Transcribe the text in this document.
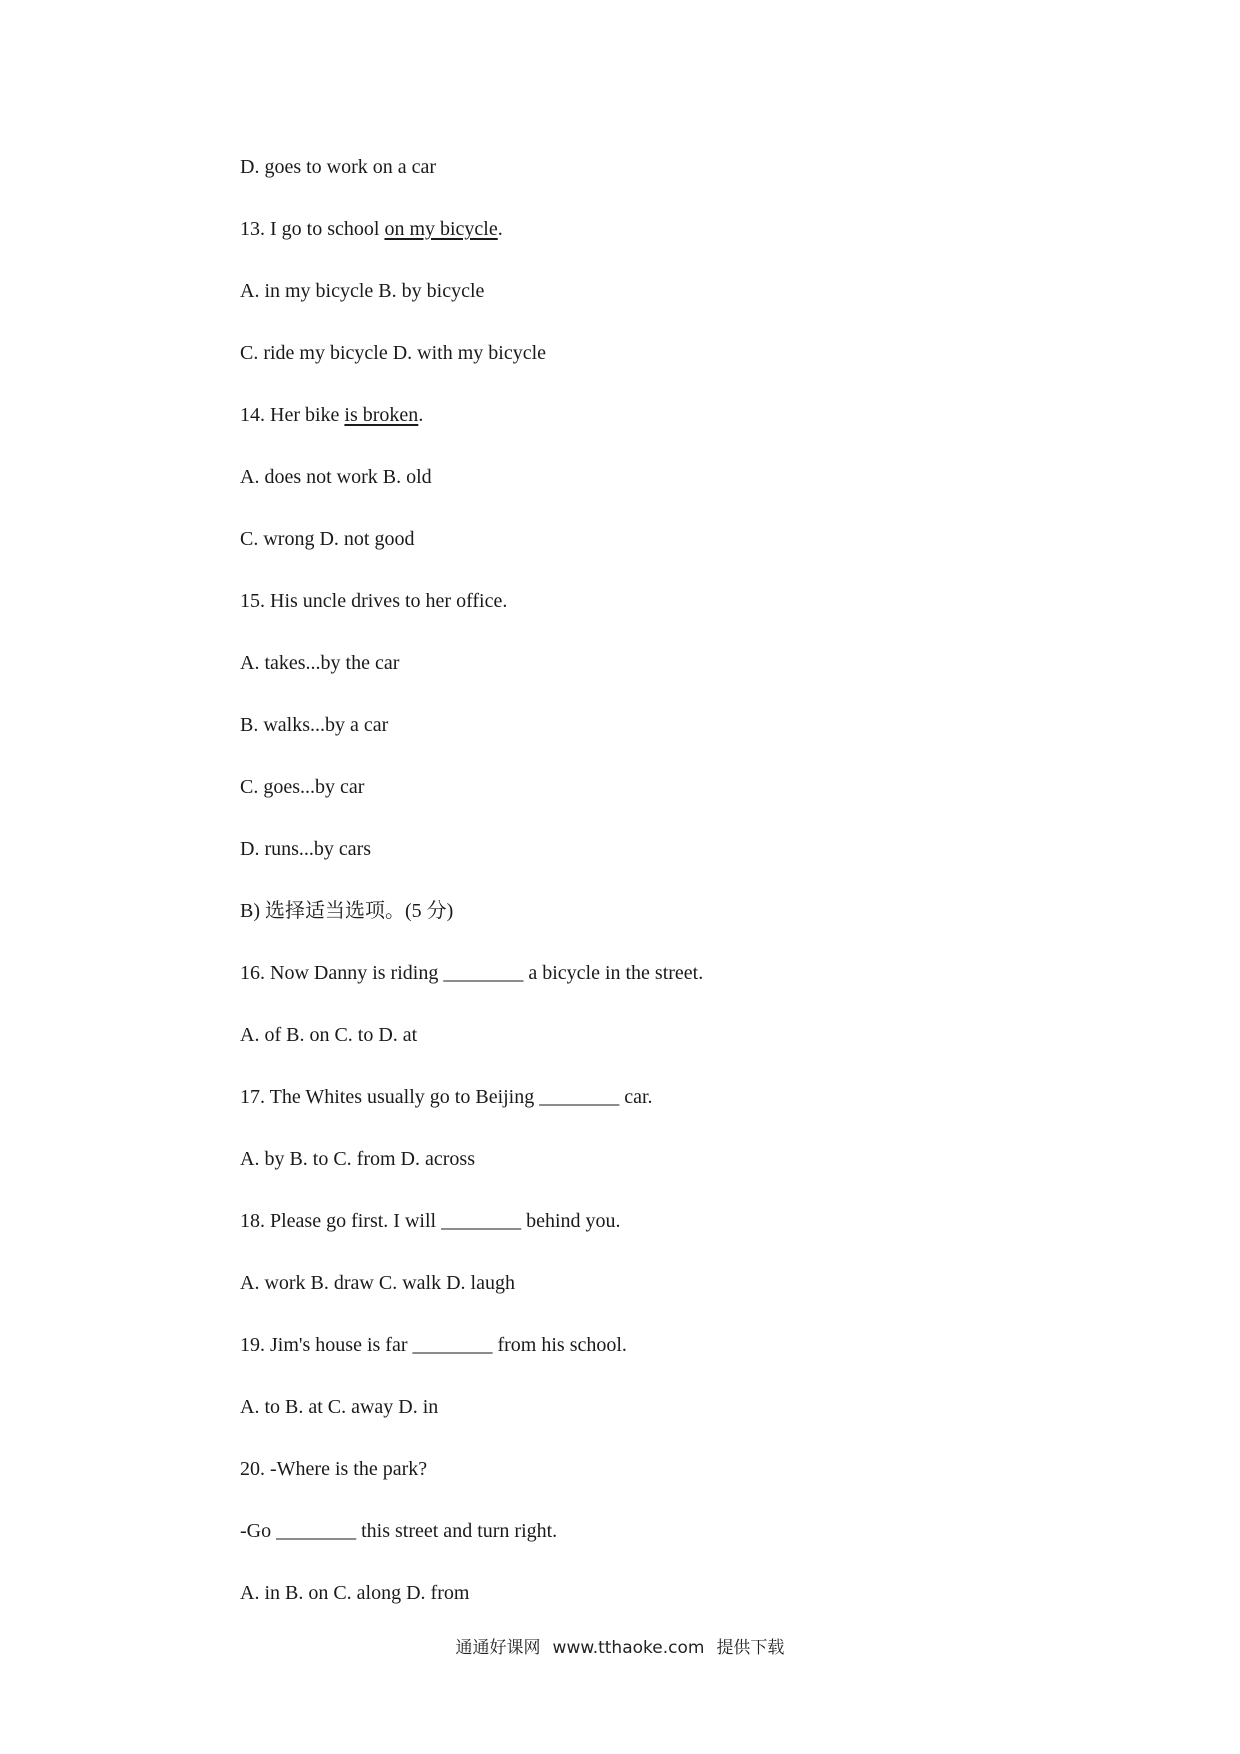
D. goes to work on a car
13. I go to school on my bicycle.
A. in my bicycle B. by bicycle
C. ride my bicycle D. with my bicycle
14. Her bike is broken.
A. does not work B. old
C. wrong D. not good
15. His uncle drives to her office.
A. takes...by the car
B. walks...by a car
C. goes...by car
D. runs...by cars
B) 选择适当选项。(5 分)
16. Now Danny is riding ________ a bicycle in the street.
A. of B. on C. to D. at
17. The Whites usually go to Beijing ________ car.
A. by B. to C. from D. across
18. Please go first. I will ________ behind you.
A. work B. draw C. walk D. laugh
19. Jim's house is far ________ from his school.
A. to B. at C. away D. in
20. -Where is the park?
-Go ________ this street and turn right.
A. in B. on C. along D. from
通通好课网 www.tthaoke.com 提供下载
